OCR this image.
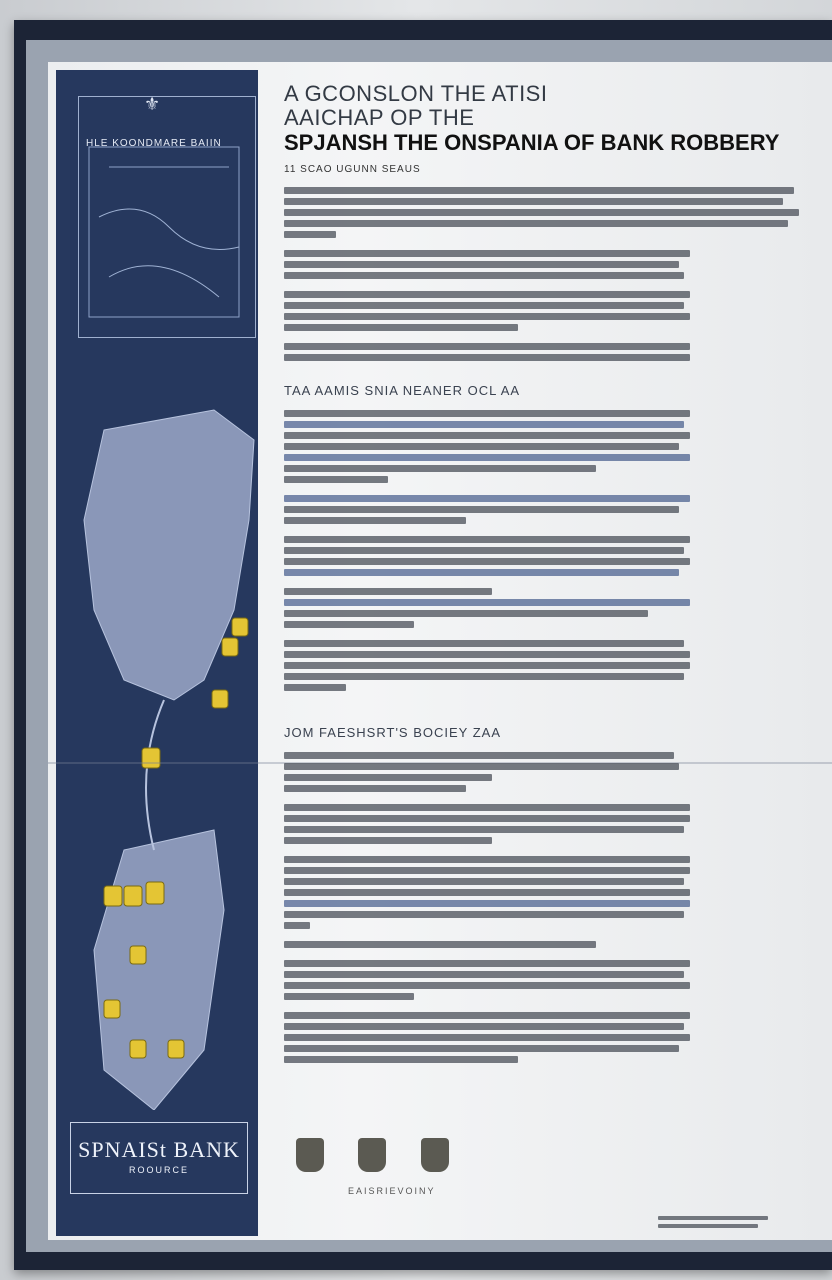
⚜
HLE KOONDMARE BAIIN
SPNAISt BANK
ROOURCE
A GCONSLON THE ATISI
AAICHAP OP THE
SPJANSH THE ONSPANIA OF BANK ROBBERY
11 SCAO UGUNN SEAUS
TAA AAMIS SNIA NEANER OCL AA
JOM FAESHSRT'S BOCIEY ZAA

EAISRIEVOINY
